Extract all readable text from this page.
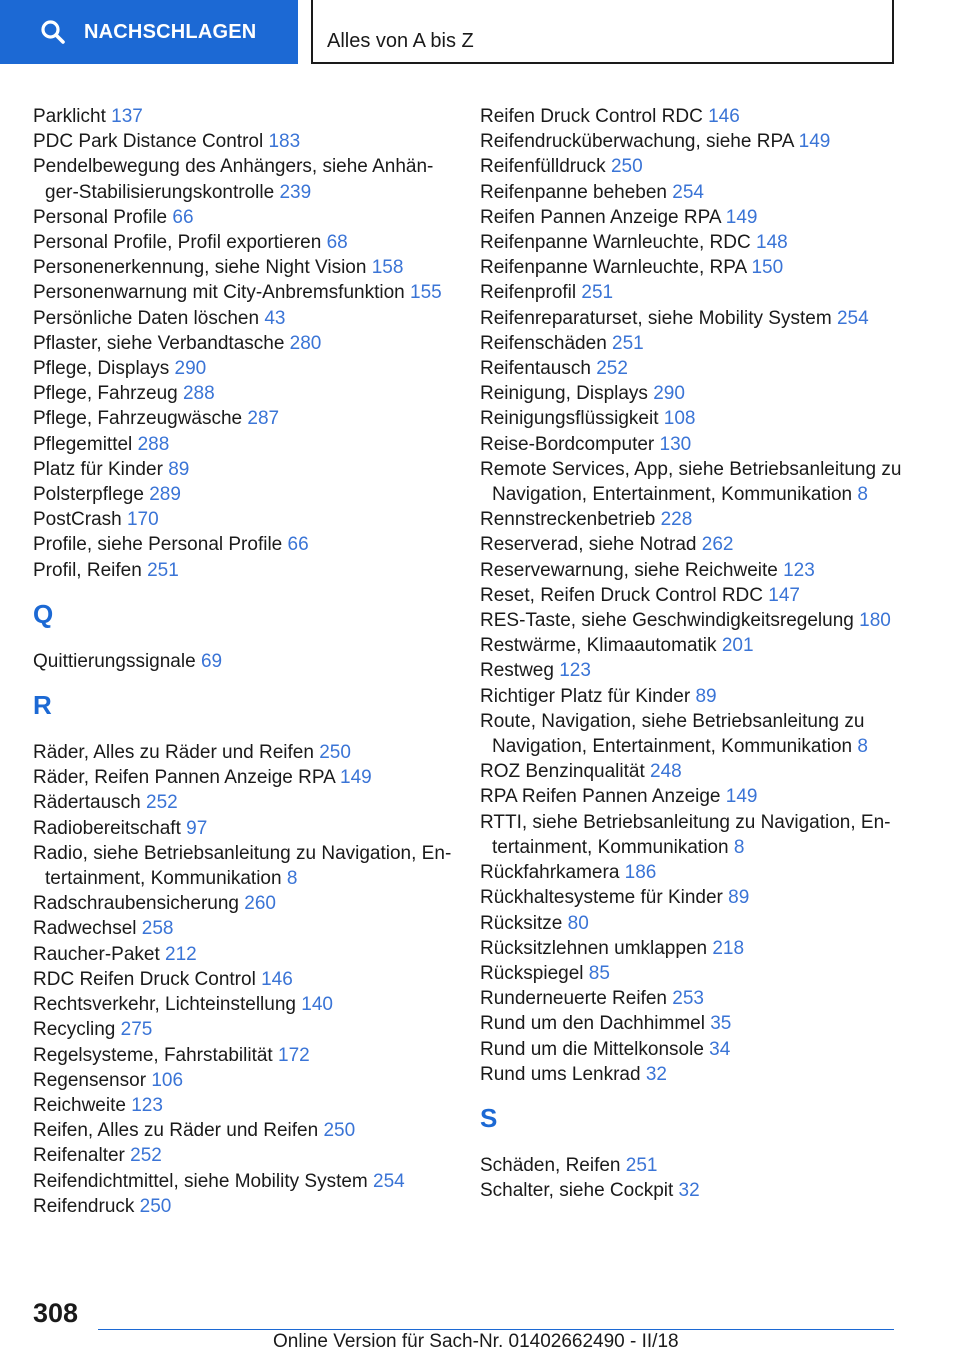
NACHSCHLAGEN	Alles von A bis Z
Parklicht 137
PDC Park Distance Control 183
Pendelbewegung des Anhängers, siehe Anhänger-Stabilisierungskontrolle 239
Personal Profile 66
Personal Profile, Profil exportieren 68
Personenerkennung, siehe Night Vision 158
Personenwarnung mit City-Anbremsfunktion 155
Persönliche Daten löschen 43
Pflaster, siehe Verbandtasche 280
Pflege, Displays 290
Pflege, Fahrzeug 288
Pflege, Fahrzeugwäsche 287
Pflegemittel 288
Platz für Kinder 89
Polsterpflege 289
PostCrash 170
Profile, siehe Personal Profile 66
Profil, Reifen 251
Q
Quittierungssignale 69
R
Räder, Alles zu Räder und Reifen 250
Räder, Reifen Pannen Anzeige RPA 149
Rädertausch 252
Radiobereitschaft 97
Radio, siehe Betriebsanleitung zu Navigation, Entertainment, Kommunikation 8
Radschraubensicherung 260
Radwechsel 258
Raucher-Paket 212
RDC Reifen Druck Control 146
Rechtsverkehr, Lichteinstellung 140
Recycling 275
Regelsysteme, Fahrstabilität 172
Regensensor 106
Reichweite 123
Reifen, Alles zu Räder und Reifen 250
Reifenalter 252
Reifendichtmittel, siehe Mobility System 254
Reifendruck 250
Reifen Druck Control RDC 146
Reifendrucküberwachung, siehe RPA 149
Reifenfülldruck 250
Reifenpanne beheben 254
Reifen Pannen Anzeige RPA 149
Reifenpanne Warnleuchte, RDC 148
Reifenpanne Warnleuchte, RPA 150
Reifenprofil 251
Reifenreparaturset, siehe Mobility System 254
Reifenschäden 251
Reifentausch 252
Reinigung, Displays 290
Reinigungsflüssigkeit 108
Reise-Bordcomputer 130
Remote Services, App, siehe Betriebsanleitung zu Navigation, Entertainment, Kommunikation 8
Rennstreckenbetrieb 228
Reserverad, siehe Notrad 262
Reservewarnung, siehe Reichweite 123
Reset, Reifen Druck Control RDC 147
RES-Taste, siehe Geschwindigkeitsregelung 180
Restwärme, Klimaautomatik 201
Restweg 123
Richtiger Platz für Kinder 89
Route, Navigation, siehe Betriebsanleitung zu Navigation, Entertainment, Kommunikation 8
ROZ Benzinqualität 248
RPA Reifen Pannen Anzeige 149
RTTI, siehe Betriebsanleitung zu Navigation, Entertainment, Kommunikation 8
Rückfahrkamera 186
Rückhaltesysteme für Kinder 89
Rücksitze 80
Rücksitzlehnen umklappen 218
Rückspiegel 85
Runderneuerte Reifen 253
Rund um den Dachhimmel 35
Rund um die Mittelkonsole 34
Rund ums Lenkrad 32
S
Schäden, Reifen 251
Schalter, siehe Cockpit 32
308
Online Version für Sach-Nr. 01402662490 - II/18
